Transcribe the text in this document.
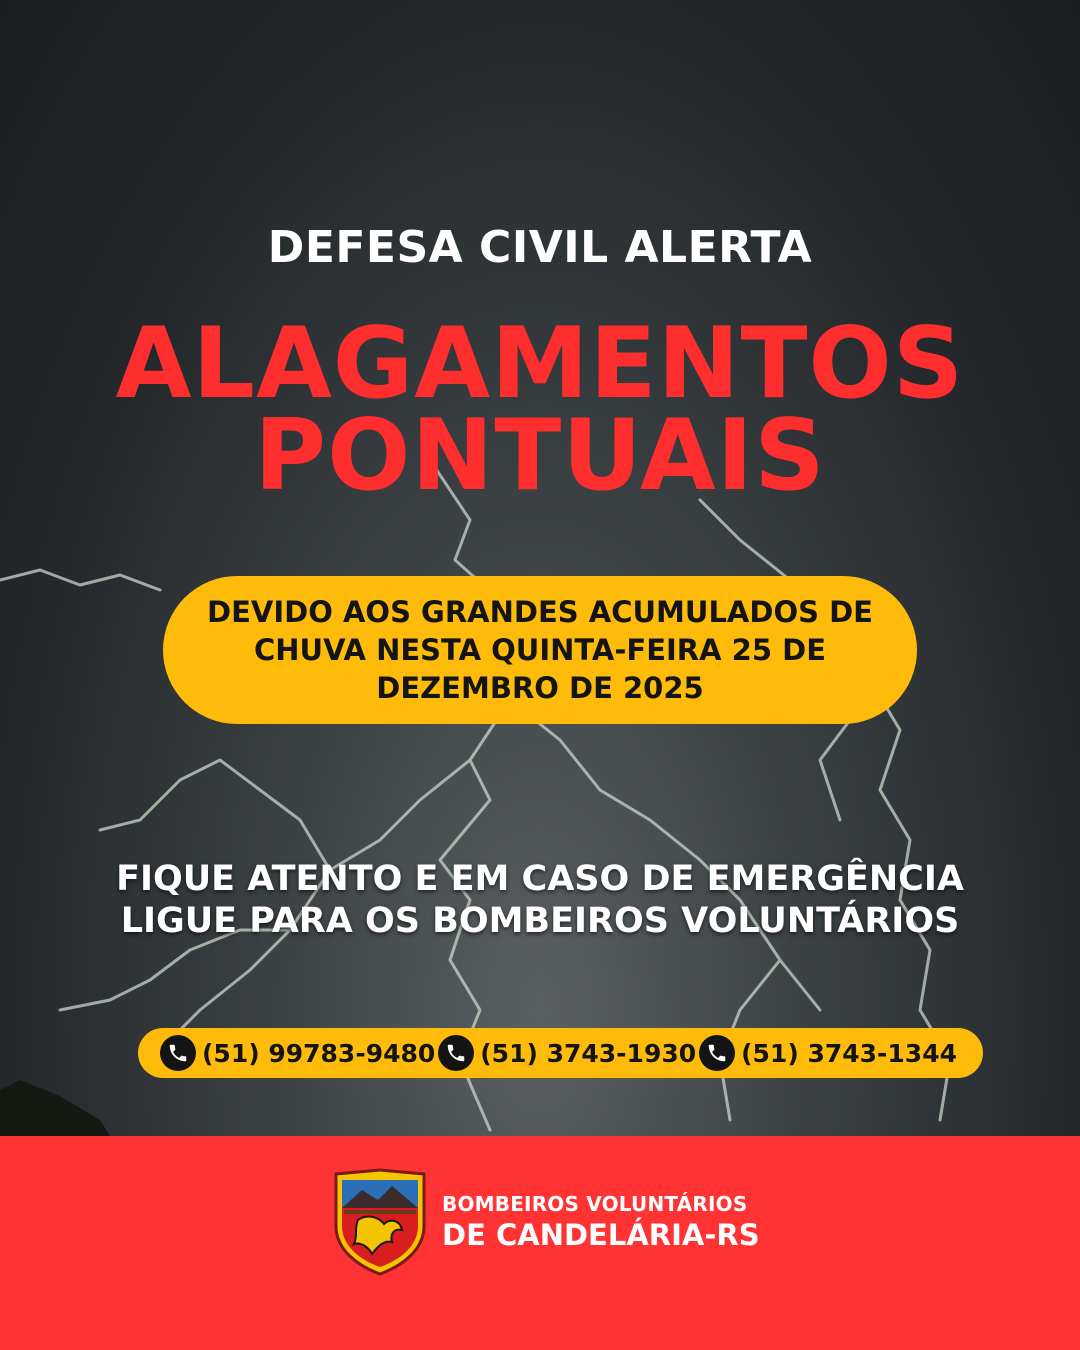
DEFESA CIVIL ALERTA
ALAGAMENTOS
PONTUAIS
DEVIDO AOS GRANDES ACUMULADOS DE
CHUVA NESTA QUINTA-FEIRA 25 DE
DEZEMBRO DE 2025
FIQUE ATENTO E EM CASO DE EMERGÊNCIA
LIGUE PARA OS BOMBEIROS VOLUNTÁRIOS
(51) 99783-9480 (51) 3743-1930 (51) 3743-1344
BOMBEIROS VOLUNTÁRIOS
DE CANDELÁRIA-RS
